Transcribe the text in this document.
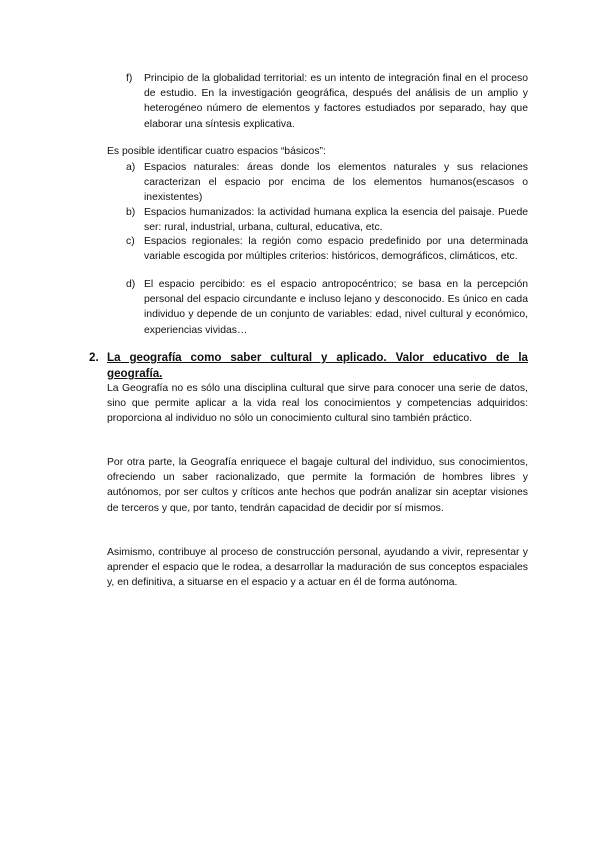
f) Principio de la globalidad territorial: es un intento de integración final en el proceso de estudio. En la investigación geográfica, después del análisis de un amplio y heterogéneo número de elementos y factores estudiados por separado, hay que elaborar una síntesis explicativa.
Es posible identificar cuatro espacios “básicos”:
a) Espacios naturales: áreas donde los elementos naturales y sus relaciones caracterizan el espacio por encima de los elementos humanos(escasos o inexistentes)
b) Espacios humanizados: la actividad humana explica la esencia del paisaje. Puede ser: rural, industrial, urbana, cultural, educativa, etc.
c) Espacios regionales: la región como espacio predefinido por una determinada variable escogida por múltiples criterios: históricos, demográficos, climáticos, etc.
d) El espacio percibido: es el espacio antropocéntrico; se basa en la percepción personal del espacio circundante e incluso lejano y desconocido. Es único en cada individuo y depende de un conjunto de variables: edad, nivel cultural y económico, experiencias vividas…
2. La geografía como saber cultural y aplicado. Valor educativo de la geografía.
La Geografía no es sólo una disciplina cultural que sirve para conocer una serie de datos, sino que permite aplicar a la vida real los conocimientos y competencias adquiridos: proporciona al individuo no sólo un conocimiento cultural sino también práctico.
Por otra parte, la Geografía enriquece el bagaje cultural del individuo, sus conocimientos, ofreciendo un saber racionalizado, que permite la formación de hombres libres y autónomos, por ser cultos y críticos ante hechos que podrán analizar sin aceptar visiones de terceros y que, por tanto, tendrán capacidad de decidir por sí mismos.
Asimismo, contribuye al proceso de construcción personal, ayudando a vivir, representar y aprender el espacio que le rodea, a desarrollar la maduración de sus conceptos espaciales y, en definitiva, a situarse en el espacio y a actuar en él de forma autónoma.
